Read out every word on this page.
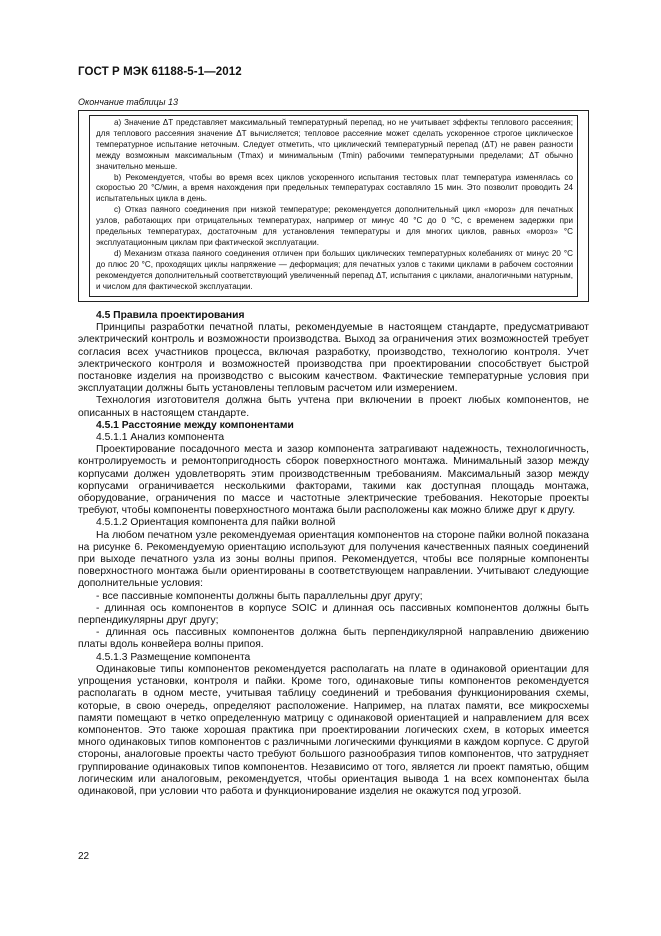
ГОСТ Р МЭК 61188-5-1—2012
Окончание таблицы 13

a) Значение ΔT представляет максимальный температурный перепад, но не учитывает эффекты теплового рассеяния; для теплового рассеяния значение ΔT вычисляется; тепловое рассеяние может сделать ускоренное строгое циклическое температурное испытание неточным. Следует отметить, что циклический температурный перепад (ΔT) не равен разности между возможным максимальным (Tmax) и минимальным (Tmin) рабочими температурными пределами; ΔT обычно значительно меньше.

b) Рекомендуется, чтобы во время всех циклов ускоренного испытания тестовых плат температура изменялась со скоростью 20 °С/мин, а время нахождения при предельных температурах составляло 15 мин. Это позволит проводить 24 испытательных цикла в день.

c) Отказ паяного соединения при низкой температуре; рекомендуется дополнительный цикл «мороз» для печатных узлов, работающих при отрицательных температурах, например от минус 40 °С до 0 °С, с временем задержки при предельных температурах, достаточным для установления температуры и для многих циклов, равных «мороз» °С эксплуатационным циклам при фактической эксплуатации.

d) Механизм отказа паяного соединения отличен при больших циклических температурных колебаниях от минус 20 °С до плюс 20 °С, проходящих циклы напряжение — деформация; для печатных узлов с такими циклами в рабочем состоянии рекомендуется дополнительный соответствующий увеличенный перепад ΔT, испытания с циклами, аналогичными натурным, и числом для фактической эксплуатации.

4.5 Правила проектирования

Принципы разработки печатной платы, рекомендуемые в настоящем стандарте, предусматривают электрический контроль и возможности производства. Выход за ограничения этих возможностей требует согласия всех участников процесса, включая разработку, производство, технологию контроля. Учет электрического контроля и возможностей производства при проектировании способствует быстрой постановке изделия на производство с высоким качеством. Фактические температурные условия при эксплуатации должны быть установлены тепловым расчетом или измерением.

Технология изготовителя должна быть учтена при включении в проект любых компонентов, не описанных в настоящем стандарте.

4.5.1 Расстояние между компонентами

4.5.1.1 Анализ компонента

Проектирование посадочного места и зазор компонента затрагивают надежность, технологичность, контролируемость и ремонтопригодность сборок поверхностного монтажа. Минимальный зазор между корпусами должен удовлетворять этим производственным требованиям. Максимальный зазор между корпусами ограничивается несколькими факторами, такими как доступная площадь монтажа, оборудование, ограничения по массе и частотные электрические требования. Некоторые проекты требуют, чтобы компоненты поверхностного монтажа были расположены как можно ближе друг к другу.

4.5.1.2 Ориентация компонента для пайки волной

На любом печатном узле рекомендуемая ориентация компонентов на стороне пайки волной показана на рисунке 6. Рекомендуемую ориентацию используют для получения качественных паяных соединений при выходе печатного узла из зоны волны припоя. Рекомендуется, чтобы все полярные компоненты поверхностного монтажа были ориентированы в соответствующем направлении. Учитывают следующие дополнительные условия:

- все пассивные компоненты должны быть параллельны друг другу;

- длинная ось компонентов в корпусе SOIC и длинная ось пассивных компонентов должны быть перпендикулярны друг другу;

- длинная ось пассивных компонентов должна быть перпендикулярной направлению движению платы вдоль конвейера волны припоя.

4.5.1.3 Размещение компонента

Одинаковые типы компонентов рекомендуется располагать на плате в одинаковой ориентации для упрощения установки, контроля и пайки. Кроме того, одинаковые типы компонентов рекомендуется располагать в одном месте, учитывая таблицу соединений и требования функционирования схемы, которые, в свою очередь, определяют расположение. Например, на платах памяти, все микросхемы памяти помещают в четко определенную матрицу с одинаковой ориентацией и направлением для всех компонентов. Это также хорошая практика при проектировании логических схем, в которых имеется много одинаковых типов компонентов с различными логическими функциями в каждом корпусе. С другой стороны, аналоговые проекты часто требуют большого разнообразия типов компонентов, что затрудняет группирование одинаковых типов компонентов. Независимо от того, является ли проект памятью, общим логическим или аналоговым, рекомендуется, чтобы ориентация вывода 1 на всех компонентах была одинаковой, при условии что работа и функционирование изделия не окажутся под угрозой.

22
